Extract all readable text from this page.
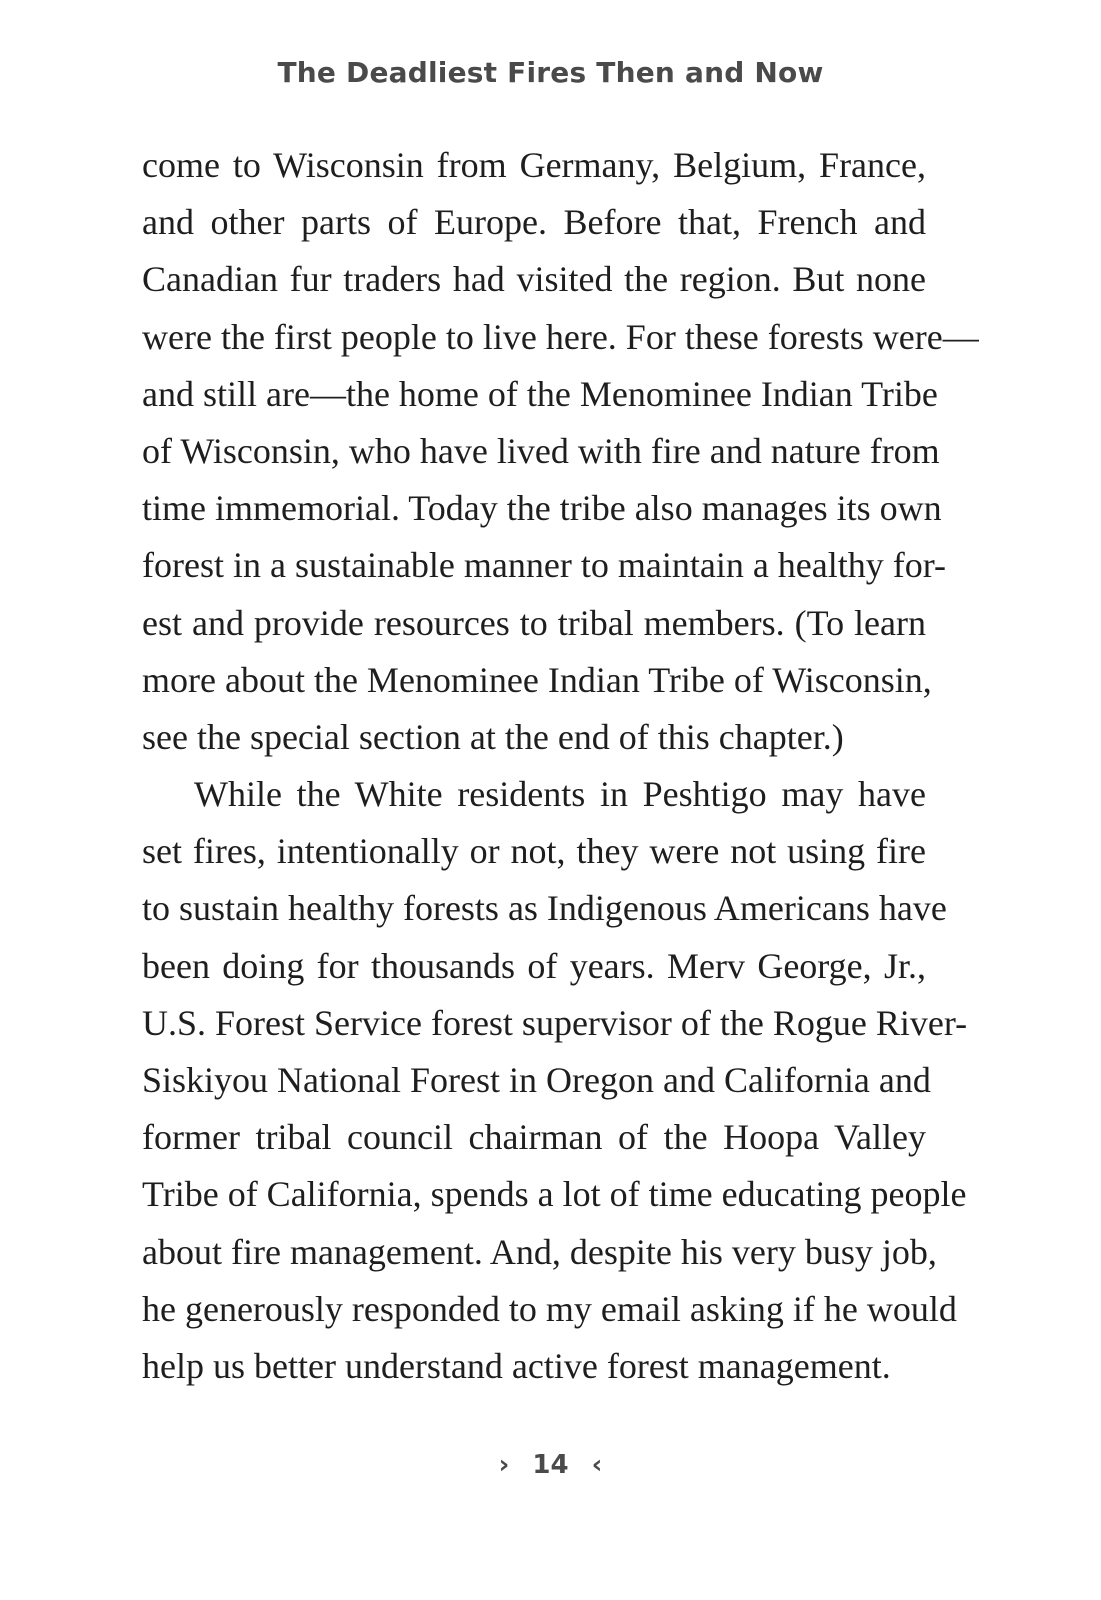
The Deadliest Fires Then and Now
come to Wisconsin from Germany, Belgium, France,
and other parts of Europe. Before that, French and
Canadian fur traders had visited the region. But none
were the first people to live here. For these forests were—
and still are—the home of the Menominee Indian Tribe
of Wisconsin, who have lived with fire and nature from
time immemorial. Today the tribe also manages its own
forest in a sustainable manner to maintain a healthy for-
est and provide resources to tribal members. (To learn
more about the Menominee Indian Tribe of Wisconsin,
see the special section at the end of this chapter.)
While the White residents in Peshtigo may have
set fires, intentionally or not, they were not using fire
to sustain healthy forests as Indigenous Americans have
been doing for thousands of years. Merv George, Jr.,
U.S. Forest Service forest supervisor of the Rogue River-
Siskiyou National Forest in Oregon and California and
former tribal council chairman of the Hoopa Valley
Tribe of California, spends a lot of time educating people
about fire management. And, despite his very busy job,
he generously responded to my email asking if he would
help us better understand active forest management.
› 14 ‹
